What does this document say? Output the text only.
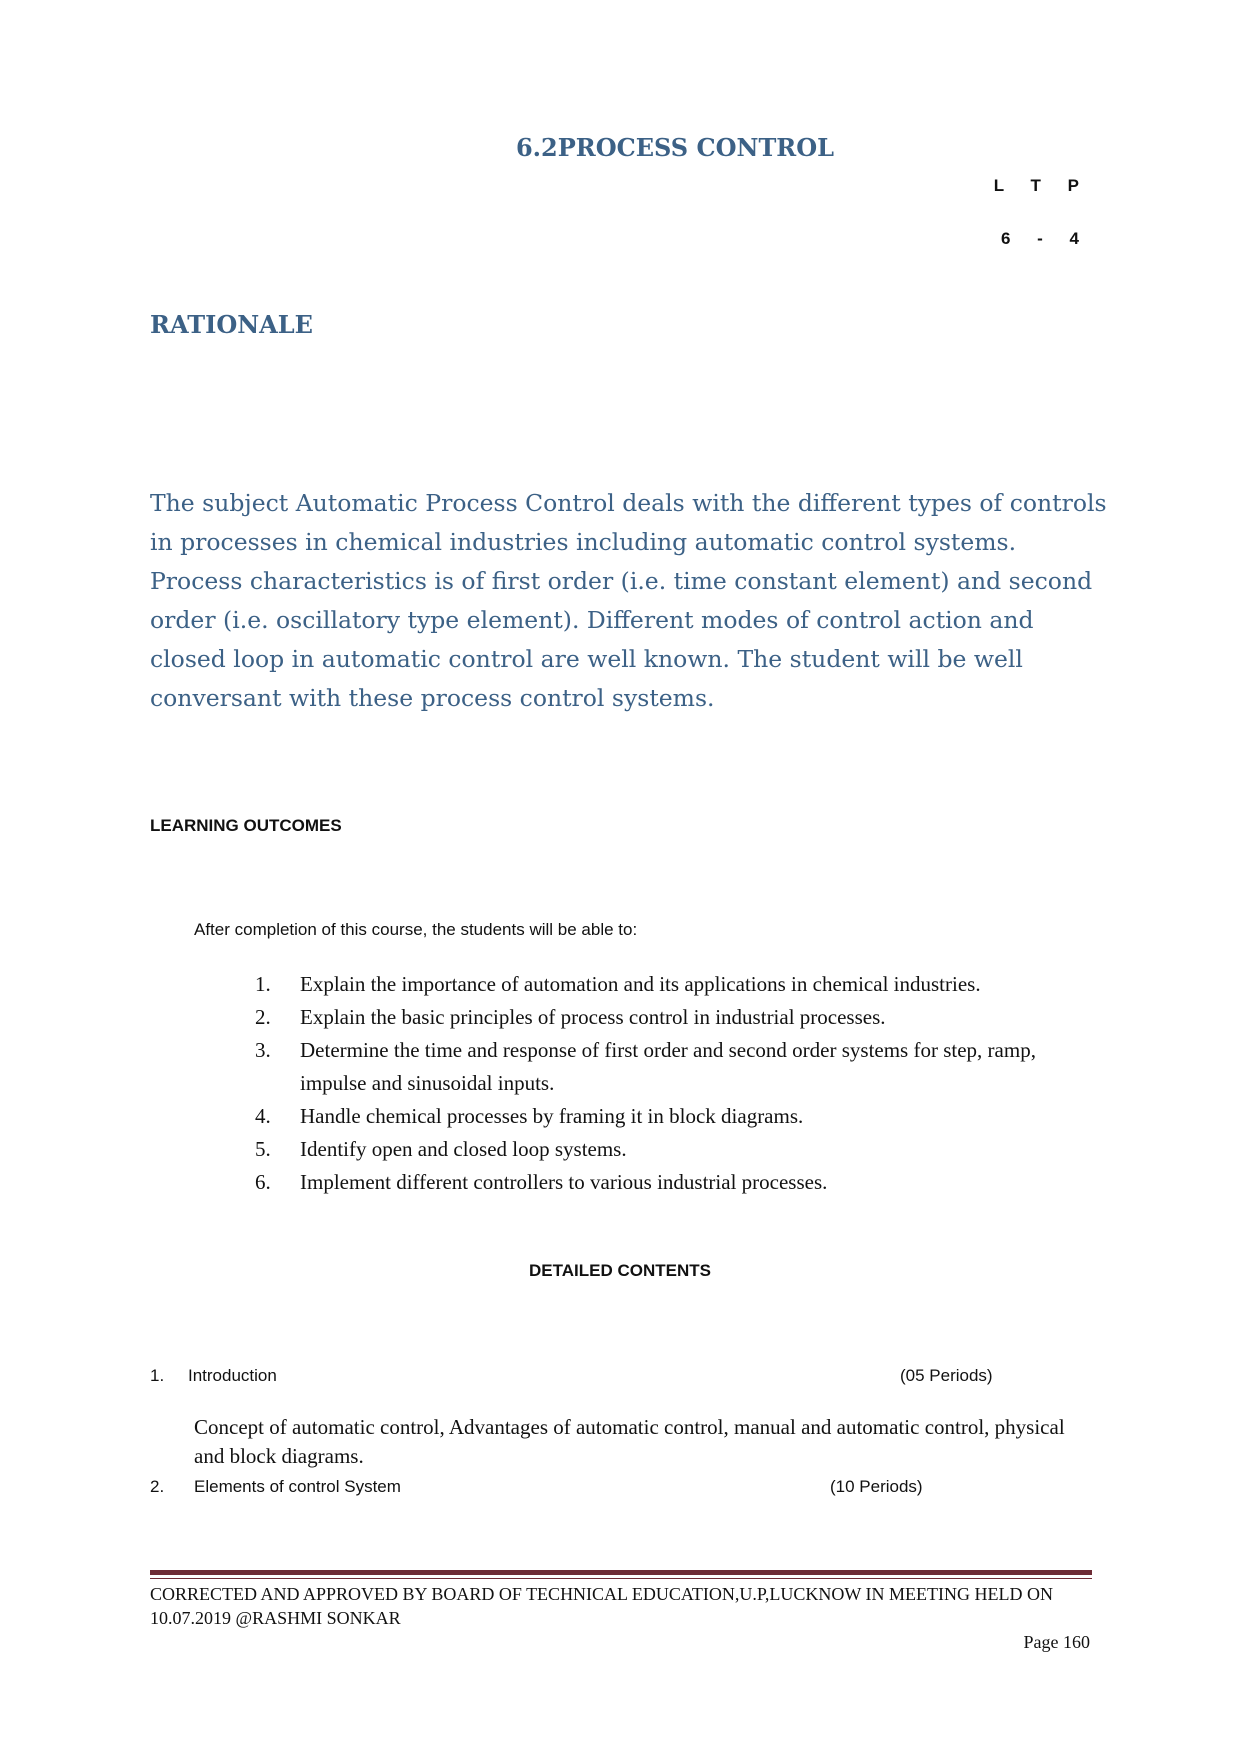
6.2PROCESS CONTROL
L T P
6 - 4
RATIONALE

The subject Automatic Process Control deals with the different types of controls in processes in chemical industries including automatic control systems. Process characteristics is of first order (i.e. time constant element) and second order (i.e. oscillatory type element). Different modes of control action and closed loop in automatic control are well known. The student will be well conversant with these process control systems.

LEARNING OUTCOMES

After completion of this course, the students will be able to:

1. Explain the importance of automation and its applications in chemical industries.
2. Explain the basic principles of process control in industrial processes.
3. Determine the time and response of first order and second order systems for step, ramp, impulse and sinusoidal inputs.
4. Handle chemical processes by framing it in block diagrams.
5. Identify open and closed loop systems.
6. Implement different controllers to various industrial processes.
DETAILED CONTENTS
1. Introduction	(05 Periods)

Concept of automatic control, Advantages of automatic control, manual and automatic control, physical and block diagrams.

2. Elements of control System	(10 Periods)

CORRECTED AND APPROVED BY BOARD OF TECHNICAL EDUCATION,U.P,LUCKNOW IN MEETING HELD ON 10.07.2019 @RASHMI SONKAR

Page 160
